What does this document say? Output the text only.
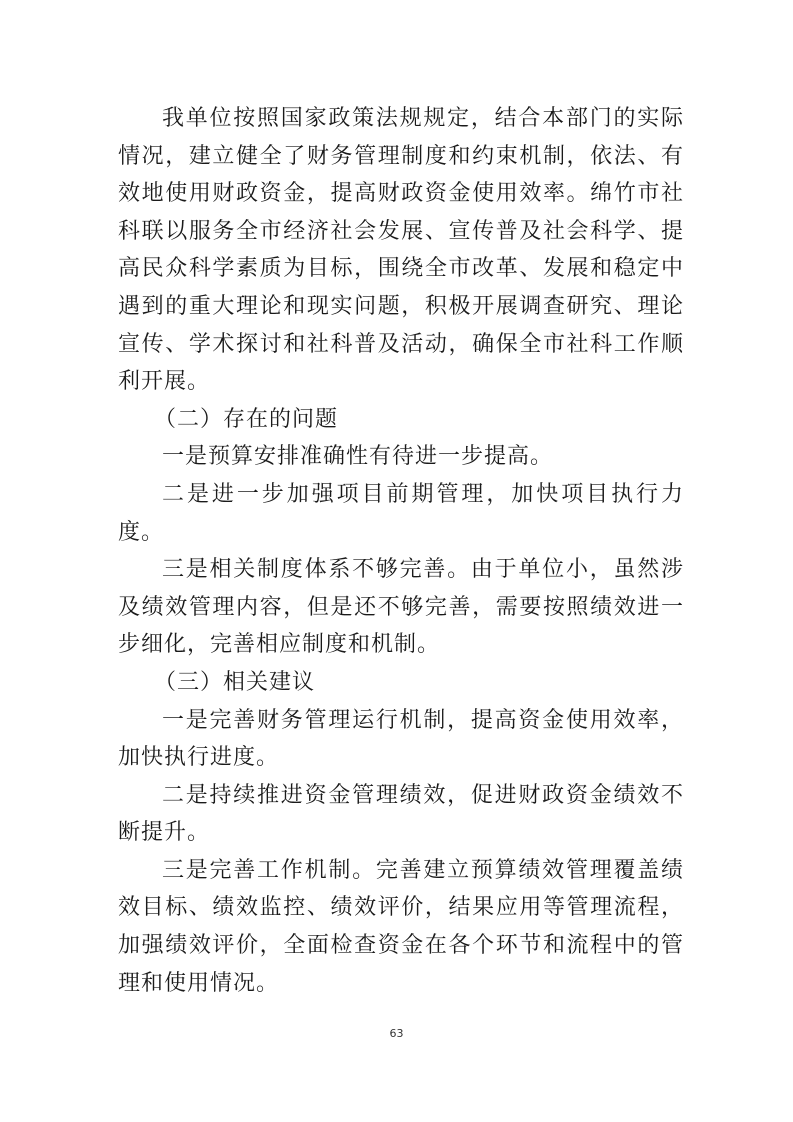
我单位按照国家政策法规规定，结合本部门的实际情况，建立健全了财务管理制度和约束机制，依法、有效地使用财政资金，提高财政资金使用效率。绵竹市社科联以服务全市经济社会发展、宣传普及社会科学、提高民众科学素质为目标，围绕全市改革、发展和稳定中遇到的重大理论和现实问题，积极开展调查研究、理论宣传、学术探讨和社科普及活动，确保全市社科工作顺利开展。

（二）存在的问题

一是预算安排准确性有待进一步提高。

二是进一步加强项目前期管理，加快项目执行力度。

三是相关制度体系不够完善。由于单位小，虽然涉及绩效管理内容，但是还不够完善，需要按照绩效进一步细化，完善相应制度和机制。

（三）相关建议

一是完善财务管理运行机制，提高资金使用效率，加快执行进度。

二是持续推进资金管理绩效，促进财政资金绩效不断提升。

三是完善工作机制。完善建立预算绩效管理覆盖绩效目标、绩效监控、绩效评价，结果应用等管理流程，加强绩效评价，全面检查资金在各个环节和流程中的管理和使用情况。

63
